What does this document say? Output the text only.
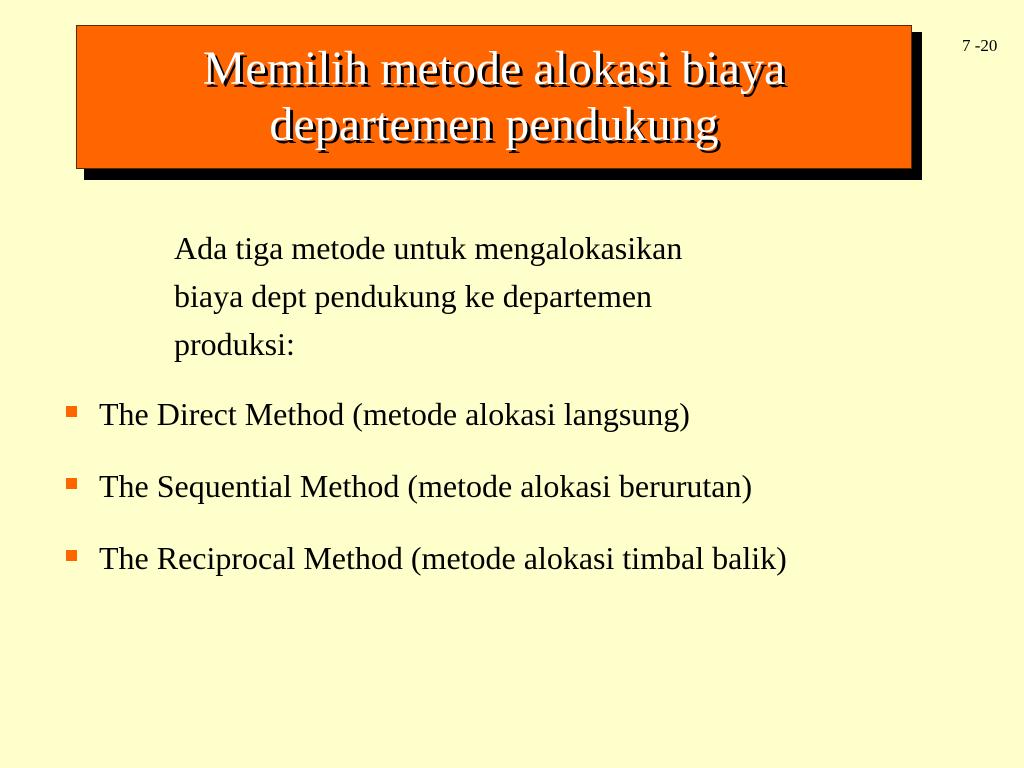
Memilih metode alokasi biaya
departemen pendukung
7 -20
Ada tiga metode untuk mengalokasikan
biaya dept pendukung ke departemen
produksi:
The Direct Method (metode alokasi langsung)
The Sequential Method (metode alokasi berurutan)
The Reciprocal Method (metode alokasi timbal balik)
